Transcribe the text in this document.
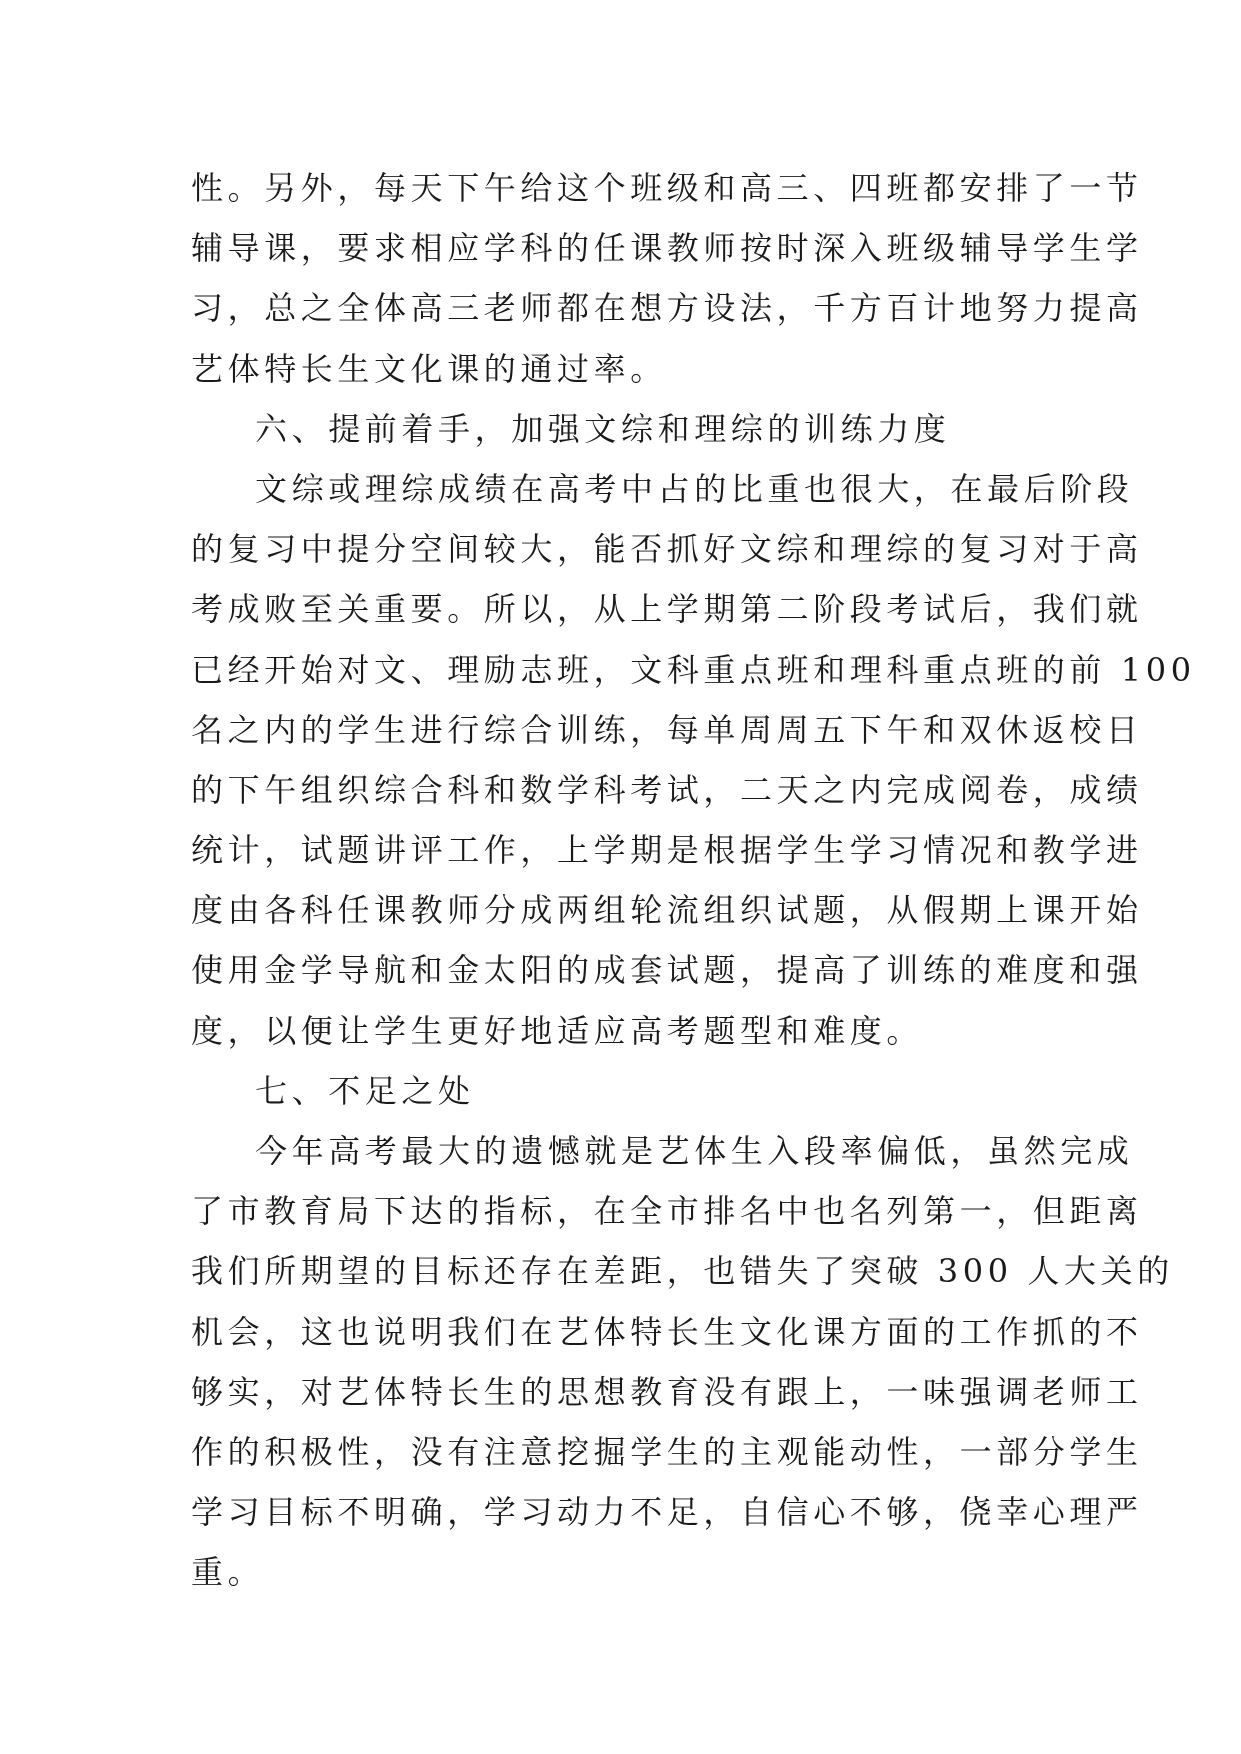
性。另外，每天下午给这个班级和高三、四班都安排了一节
辅导课，要求相应学科的任课教师按时深入班级辅导学生学
习，总之全体高三老师都在想方设法，千方百计地努力提高
艺体特长生文化课的通过率。
六、提前着手，加强文综和理综的训练力度
文综或理综成绩在高考中占的比重也很大，在最后阶段
的复习中提分空间较大，能否抓好文综和理综的复习对于高
考成败至关重要。所以，从上学期第二阶段考试后，我们就
已经开始对文、理励志班，文科重点班和理科重点班的前 100
名之内的学生进行综合训练，每单周周五下午和双休返校日
的下午组织综合科和数学科考试，二天之内完成阅卷，成绩
统计，试题讲评工作，上学期是根据学生学习情况和教学进
度由各科任课教师分成两组轮流组织试题，从假期上课开始
使用金学导航和金太阳的成套试题，提高了训练的难度和强
度，以便让学生更好地适应高考题型和难度。
七、不足之处
今年高考最大的遗憾就是艺体生入段率偏低，虽然完成
了市教育局下达的指标，在全市排名中也名列第一，但距离
我们所期望的目标还存在差距，也错失了突破 300 人大关的
机会，这也说明我们在艺体特长生文化课方面的工作抓的不
够实，对艺体特长生的思想教育没有跟上，一味强调老师工
作的积极性，没有注意挖掘学生的主观能动性，一部分学生
学习目标不明确，学习动力不足，自信心不够，侥幸心理严
重。
